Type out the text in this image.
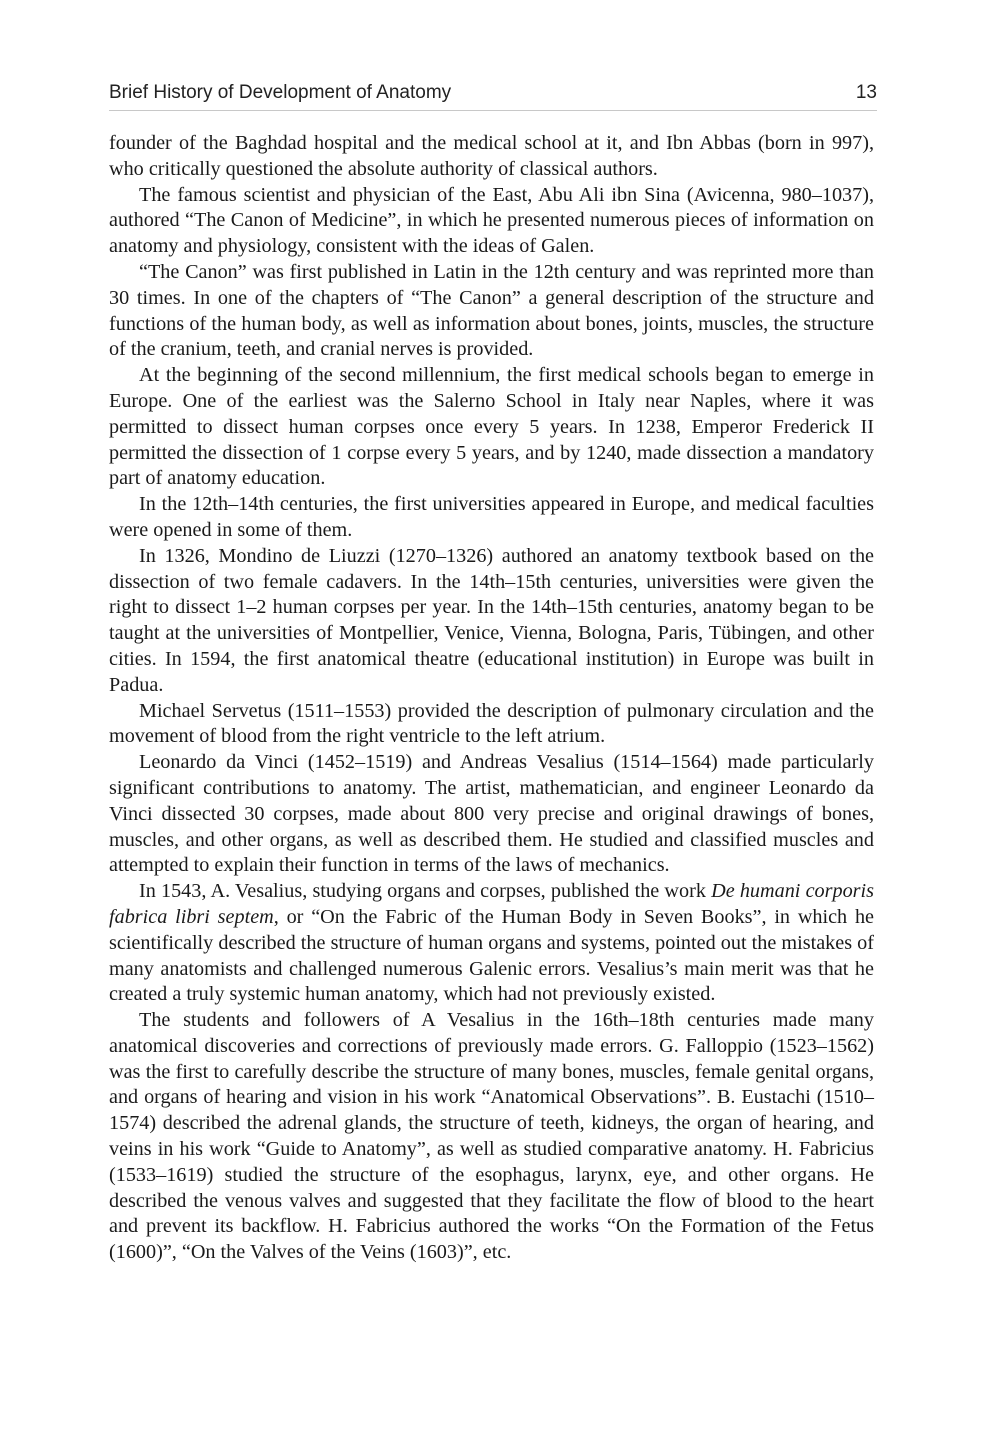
Brief History of Development of Anatomy	13

founder of the Baghdad hospital and the medical school at it, and Ibn Abbas (born in 997), who critically questioned the absolute authority of classical authors.

The famous scientist and physician of the East, Abu Ali ibn Sina (Avicenna, 980–1037), authored “The Canon of Medicine”, in which he presented numerous pieces of information on anatomy and physiology, consistent with the ideas of Galen.

“The Canon” was first published in Latin in the 12th century and was reprinted more than 30 times. In one of the chapters of “The Canon” a general description of the structure and functions of the human body, as well as information about bones, joints, muscles, the structure of the cranium, teeth, and cranial nerves is provided.

At the beginning of the second millennium, the first medical schools began to emerge in Europe. One of the earliest was the Salerno School in Italy near Naples, where it was permitted to dissect human corpses once every 5 years. In 1238, Emperor Frederick II permitted the dissection of 1 corpse every 5 years, and by 1240, made dissection a mandatory part of anatomy education.

In the 12th–14th centuries, the first universities appeared in Europe, and medical faculties were opened in some of them.

In 1326, Mondino de Liuzzi (1270–1326) authored an anatomy textbook based on the dissection of two female cadavers. In the 14th–15th centuries, universities were given the right to dissect 1–2 human corpses per year. In the 14th–15th centuries, anatomy began to be taught at the universities of Montpellier, Venice, Vienna, Bologna, Paris, Tübingen, and other cities. In 1594, the first anatomical theatre (educational institution) in Europe was built in Padua.

Michael Servetus (1511–1553) provided the description of pulmonary circulation and the movement of blood from the right ventricle to the left atrium.

Leonardo da Vinci (1452–1519) and Andreas Vesalius (1514–1564) made particularly significant contributions to anatomy. The artist, mathematician, and engineer Leonardo da Vinci dissected 30 corpses, made about 800 very precise and original drawings of bones, muscles, and other organs, as well as described them. He studied and classified muscles and attempted to explain their function in terms of the laws of mechanics.

In 1543, A. Vesalius, studying organs and corpses, published the work De humani corporis fabrica libri septem, or “On the Fabric of the Human Body in Seven Books”, in which he scientifically described the structure of human organs and systems, pointed out the mistakes of many anatomists and challenged numerous Galenic errors. Vesalius’s main merit was that he created a truly systemic human anatomy, which had not previously existed.

The students and followers of A Vesalius in the 16th–18th centuries made many anatomical discoveries and corrections of previously made errors. G. Falloppio (1523–1562) was the first to carefully describe the structure of many bones, muscles, female genital organs, and organs of hearing and vision in his work “Anatomical Observations”. B. Eustachi (1510–1574) described the adrenal glands, the structure of teeth, kidneys, the organ of hearing, and veins in his work “Guide to Anatomy”, as well as studied comparative anatomy. H. Fabricius (1533–1619) studied the structure of the esophagus, larynx, eye, and other organs. He described the venous valves and suggested that they facilitate the flow of blood to the heart and prevent its backflow. H. Fabricius authored the works “On the Formation of the Fetus (1600)”, “On the Valves of the Veins (1603)”, etc.
